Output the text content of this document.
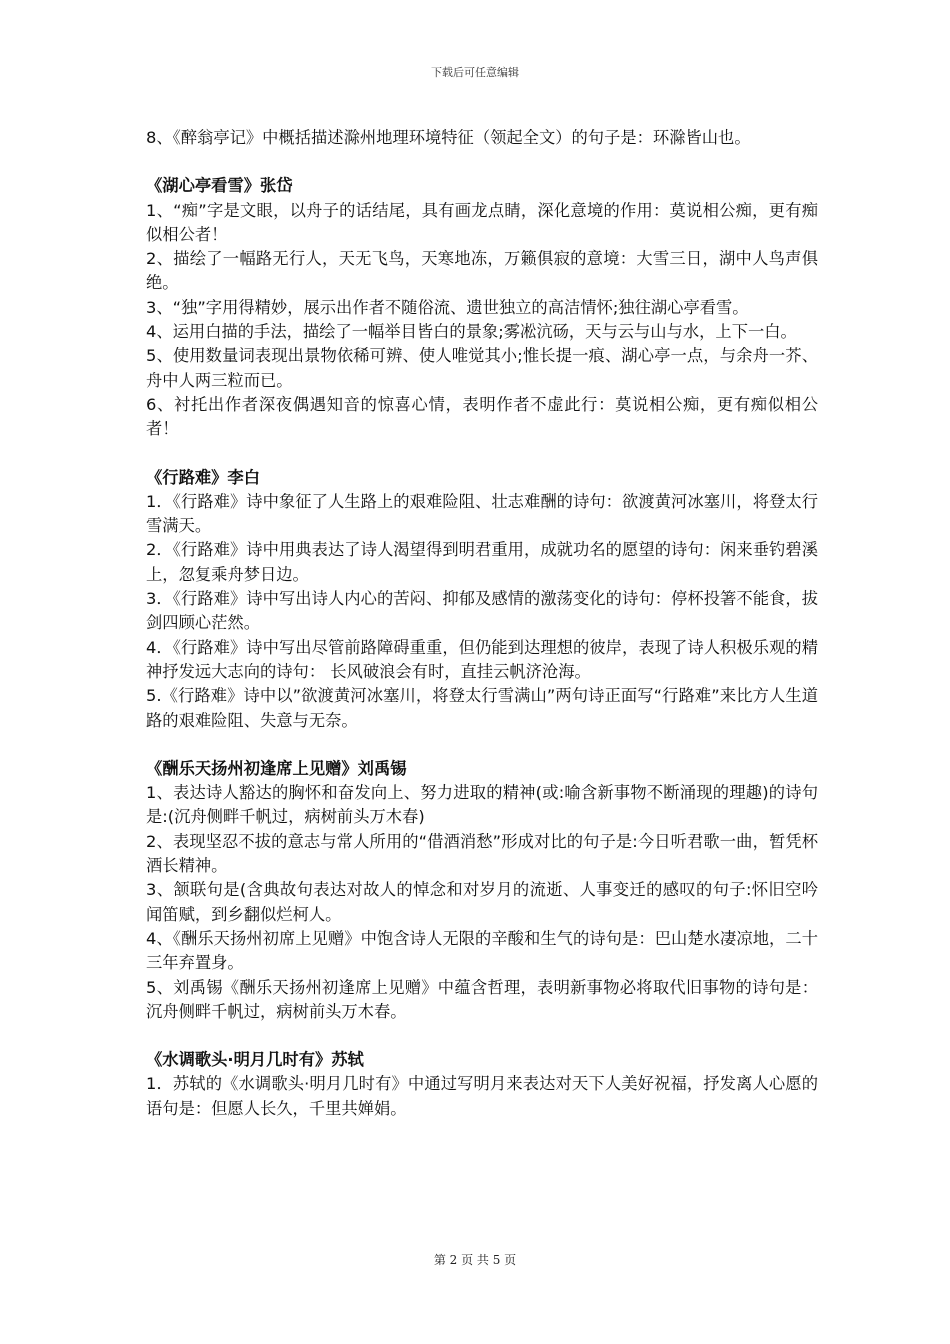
下载后可任意编辑

8、《醉翁亭记》中概括描述滁州地理环境特征（领起全文）的句子是：环滁皆山也。

《湖心亭看雪》张岱

1、“痴”字是文眼，以舟子的话结尾，具有画龙点睛，深化意境的作用：莫说相公痴，更有痴似相公者！

2、描绘了一幅路无行人，天无飞鸟，天寒地冻，万籁俱寂的意境：大雪三日，湖中人鸟声俱绝。

3、“独”字用得精妙，展示出作者不随俗流、遗世独立的高洁情怀;独往湖心亭看雪。

4、运用白描的手法，描绘了一幅举目皆白的景象;雾凇沆砀，天与云与山与水，上下一白。

5、使用数量词表现出景物依稀可辨、使人唯觉其小;惟长提一痕、湖心亭一点，与余舟一芥、舟中人两三粒而已。

6、衬托出作者深夜偶遇知音的惊喜心情，表明作者不虚此行：莫说相公痴，更有痴似相公者！

《行路难》李白

1．《行路难》诗中象征了人生路上的艰难险阻、壮志难酬的诗句：欲渡黄河冰塞川，将登太行雪满天。

2．《行路难》诗中用典表达了诗人渴望得到明君重用，成就功名的愿望的诗句：闲来垂钓碧溪上，忽复乘舟梦日边。

3．《行路难》诗中写出诗人内心的苦闷、抑郁及感情的激荡变化的诗句：停杯投箸不能食，拔剑四顾心茫然。

4．《行路难》诗中写出尽管前路障碍重重，但仍能到达理想的彼岸，表现了诗人积极乐观的精神抒发远大志向的诗句： 长风破浪会有时，直挂云帆济沧海。

5.《行路难》诗中以”欲渡黄河冰塞川，将登太行雪满山”两句诗正面写“行路难”来比方人生道路的艰难险阻、失意与无奈。

《酬乐天扬州初逢席上见赠》刘禹锡

1、表达诗人豁达的胸怀和奋发向上、努力进取的精神(或:喻含新事物不断涌现的理趣)的诗句是:(沉舟侧畔千帆过，病树前头万木春)

2、表现坚忍不拔的意志与常人所用的“借酒消愁”形成对比的句子是:今日听君歌一曲，暂凭杯酒长精神。

3、颔联句是(含典故句表达对故人的悼念和对岁月的流逝、人事变迁的感叹的句子:怀旧空吟闻笛赋，到乡翻似烂柯人。

4、《酬乐天扬州初席上见赠》中饱含诗人无限的辛酸和生气的诗句是：巴山楚水凄凉地，二十三年弃置身。

5、刘禹锡《酬乐天扬州初逢席上见赠》中蕴含哲理，表明新事物必将取代旧事物的诗句是：沉舟侧畔千帆过，病树前头万木春。

《水调歌头·明月几时有》苏轼

1．苏轼的《水调歌头·明月几时有》中通过写明月来表达对天下人美好祝福，抒发离人心愿的语句是：但愿人长久，千里共婵娟。

第 2 页 共 5 页
